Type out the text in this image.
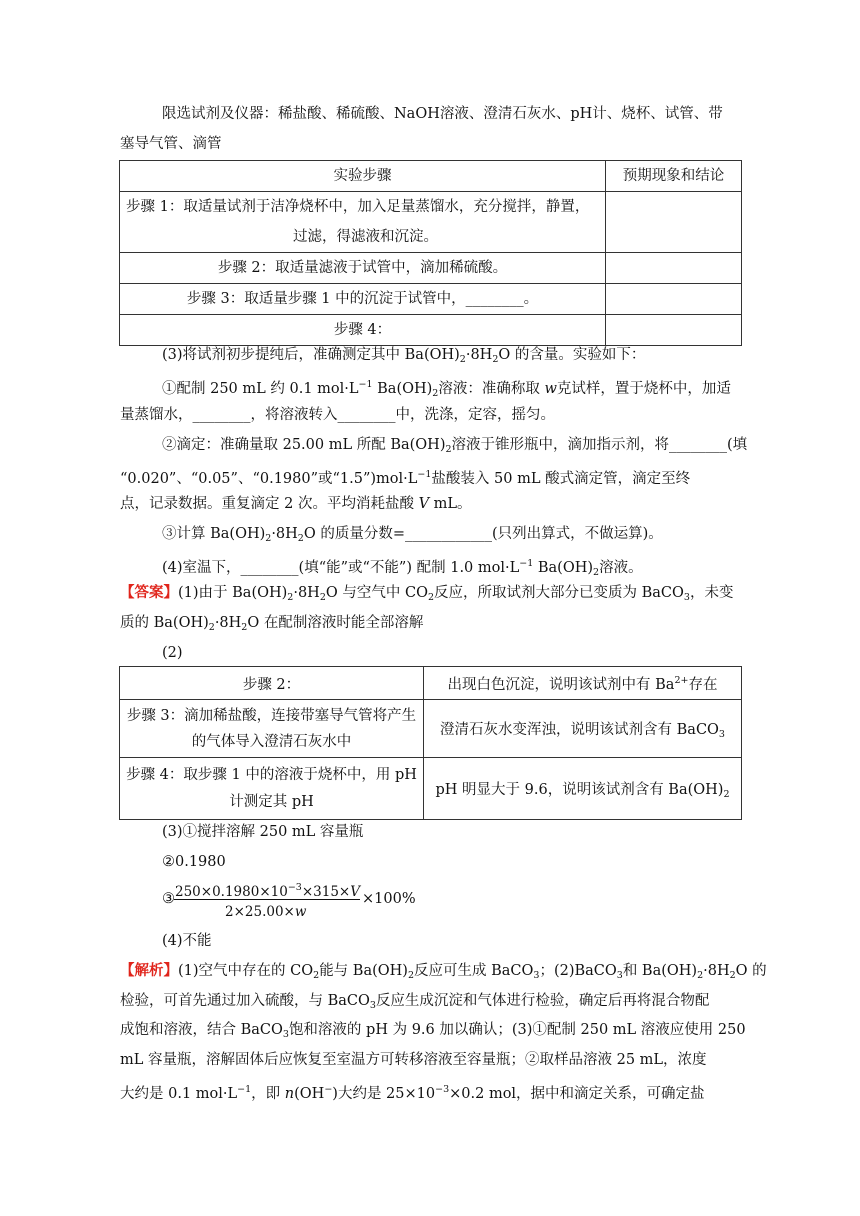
限选试剂及仪器：稀盐酸、稀硫酸、NaOH溶液、澄清石灰水、pH计、烧杯、试管、带
塞导气管、滴管
实验步骤	预期现象和结论

步骤 1：取适量试剂于洁净烧杯中，加入足量蒸馏水，充分搅拌，静置，
过滤，得滤液和沉淀。	

步骤 2：取适量滤液于试管中，滴加稀硫酸。	
步骤 3：取适量步骤 1 中的沉淀于试管中，________。	
步骤 4：	
(3)将试剂初步提纯后，准确测定其中 $Ba(OH)_2\cdot 8H_2O$ 的含量。实验如下：
①配制 250 mL 约 0.1 $mol\cdot L^{-1}$ $Ba(OH)_2$溶液：准确称取 w克试样，置于烧杯中，加适
量蒸馏水，________，将溶液转入________中，洗涤，定容，摇匀。
②滴定：准确量取 25.00 mL 所配 $Ba(OH)_2$溶液于锥形瓶中，滴加指示剂，将________(填
“0.020”、“0.05”、“0.1980”或“$1.5”)mol\cdot L^{-1}$盐酸装入 50 mL 酸式滴定管，滴定至终
点，记录数据。重复滴定 2 次。平均消耗盐酸 V mL。
③计算 $Ba(OH)_2\cdot 8H_2O$ 的质量分数=____________(只列出算式，不做运算)。
(4)室温下，________(填“能”或“不能”) 配制 1.0 $mol\cdot L^{-1}$ $Ba(OH)_2$溶液。
【答案】(1)由于 $Ba(OH)_2\cdot 8H_2O$ 与空气中 $CO_2$反应，所取试剂大部分已变质为 BaCO$_3$，未变
质的 $Ba(OH)_2\cdot 8H_2O$ 在配制溶液时能全部溶解
(2)
步骤 2：	出现白色沉淀，说明该试剂中有 $Ba^{2+}$存在

步骤 3：滴加稀盐酸，连接带塞导气管将产生
的气体导入澄清石灰水中	澄清石灰水变浑浊，说明该试剂含有 BaCO$_3$

步骤 4：取步骤 1 中的溶液于烧杯中，用 pH
计测定其 pH	pH 明显大于 9.6，说明该试剂含有 $Ba(OH)_2$
(3)①搅拌溶解 250 mL 容量瓶
②0.1980
③ $250\times 0.1980\times 10^{-3}\times 315\times V$
2×25.00×w
×100%
(4)不能
【解析】(1)空气中存在的 $CO_2$能与 $Ba(OH)_2$反应可生成 BaCO$_3$；(2)BaCO$_3$和 $Ba(OH)_2\cdot 8H_2O$ 的
检验，可首先通过加入硫酸，与 BaCO$_3$反应生成沉淀和气体进行检验，确定后再将混合物配
成饱和溶液，结合 BaCO$_3$饱和溶液的 pH 为 9.6 加以确认；(3)①配制 250 mL 溶液应使用 250
mL 容量瓶，溶解固体后应恢复至室温方可转移溶液至容量瓶；②取样品溶液 25 mL，浓度
大约是 0.1 $mol\cdot L^{-1}$，即 n(OH−)大约是 $25\times 10^{-3}\times 0.2$ mol，据中和滴定关系，可确定盐
